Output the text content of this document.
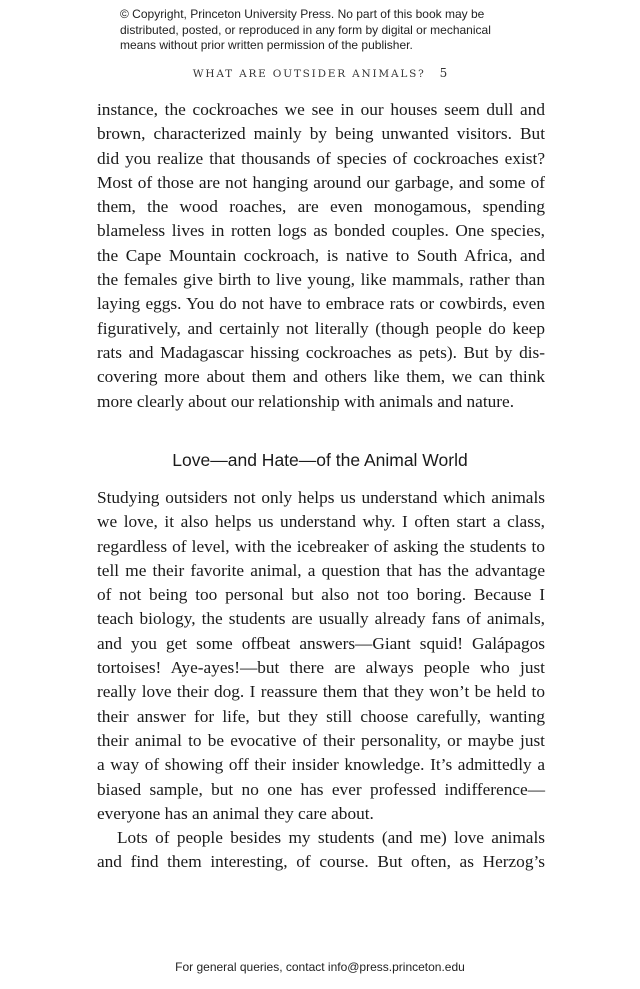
© Copyright, Princeton University Press. No part of this book may be
distributed, posted, or reproduced in any form by digital or mechanical
means without prior written permission of the publisher.
WHAT ARE OUTSIDER ANIMALS? 5
instance, the cockroaches we see in our houses seem dull and
brown, characterized mainly by being unwanted visitors. But
did you realize that thousands of species of cockroaches exist?
Most of those are not hanging around our garbage, and some of
them, the wood roaches, are even monogamous, spending
blameless lives in rotten logs as bonded couples. One species,
the Cape Mountain cockroach, is native to South Africa, and
the females give birth to live young, like mammals, rather than
laying eggs. You do not have to embrace rats or cowbirds, even
figuratively, and certainly not literally (though people do keep
rats and Madagascar hissing cockroaches as pets). But by dis-
covering more about them and others like them, we can think
more clearly about our relationship with animals and nature.
Love—and Hate—of the Animal World
Studying outsiders not only helps us understand which animals
we love, it also helps us understand why. I often start a class,
regardless of level, with the icebreaker of asking the students to
tell me their favorite animal, a question that has the advantage
of not being too personal but also not too boring. Because I
teach biology, the students are usually already fans of animals,
and you get some offbeat answers—Giant squid! Galápagos
tortoises! Aye-ayes!—but there are always people who just
really love their dog. I reassure them that they won’t be held to
their answer for life, but they still choose carefully, wanting
their animal to be evocative of their personality, or maybe just
a way of showing off their insider knowledge. It’s admittedly a
biased sample, but no one has ever professed indifference—
everyone has an animal they care about.
Lots of people besides my students (and me) love animals
and find them interesting, of course. But often, as Herzog’s
For general queries, contact info@press.princeton.edu
